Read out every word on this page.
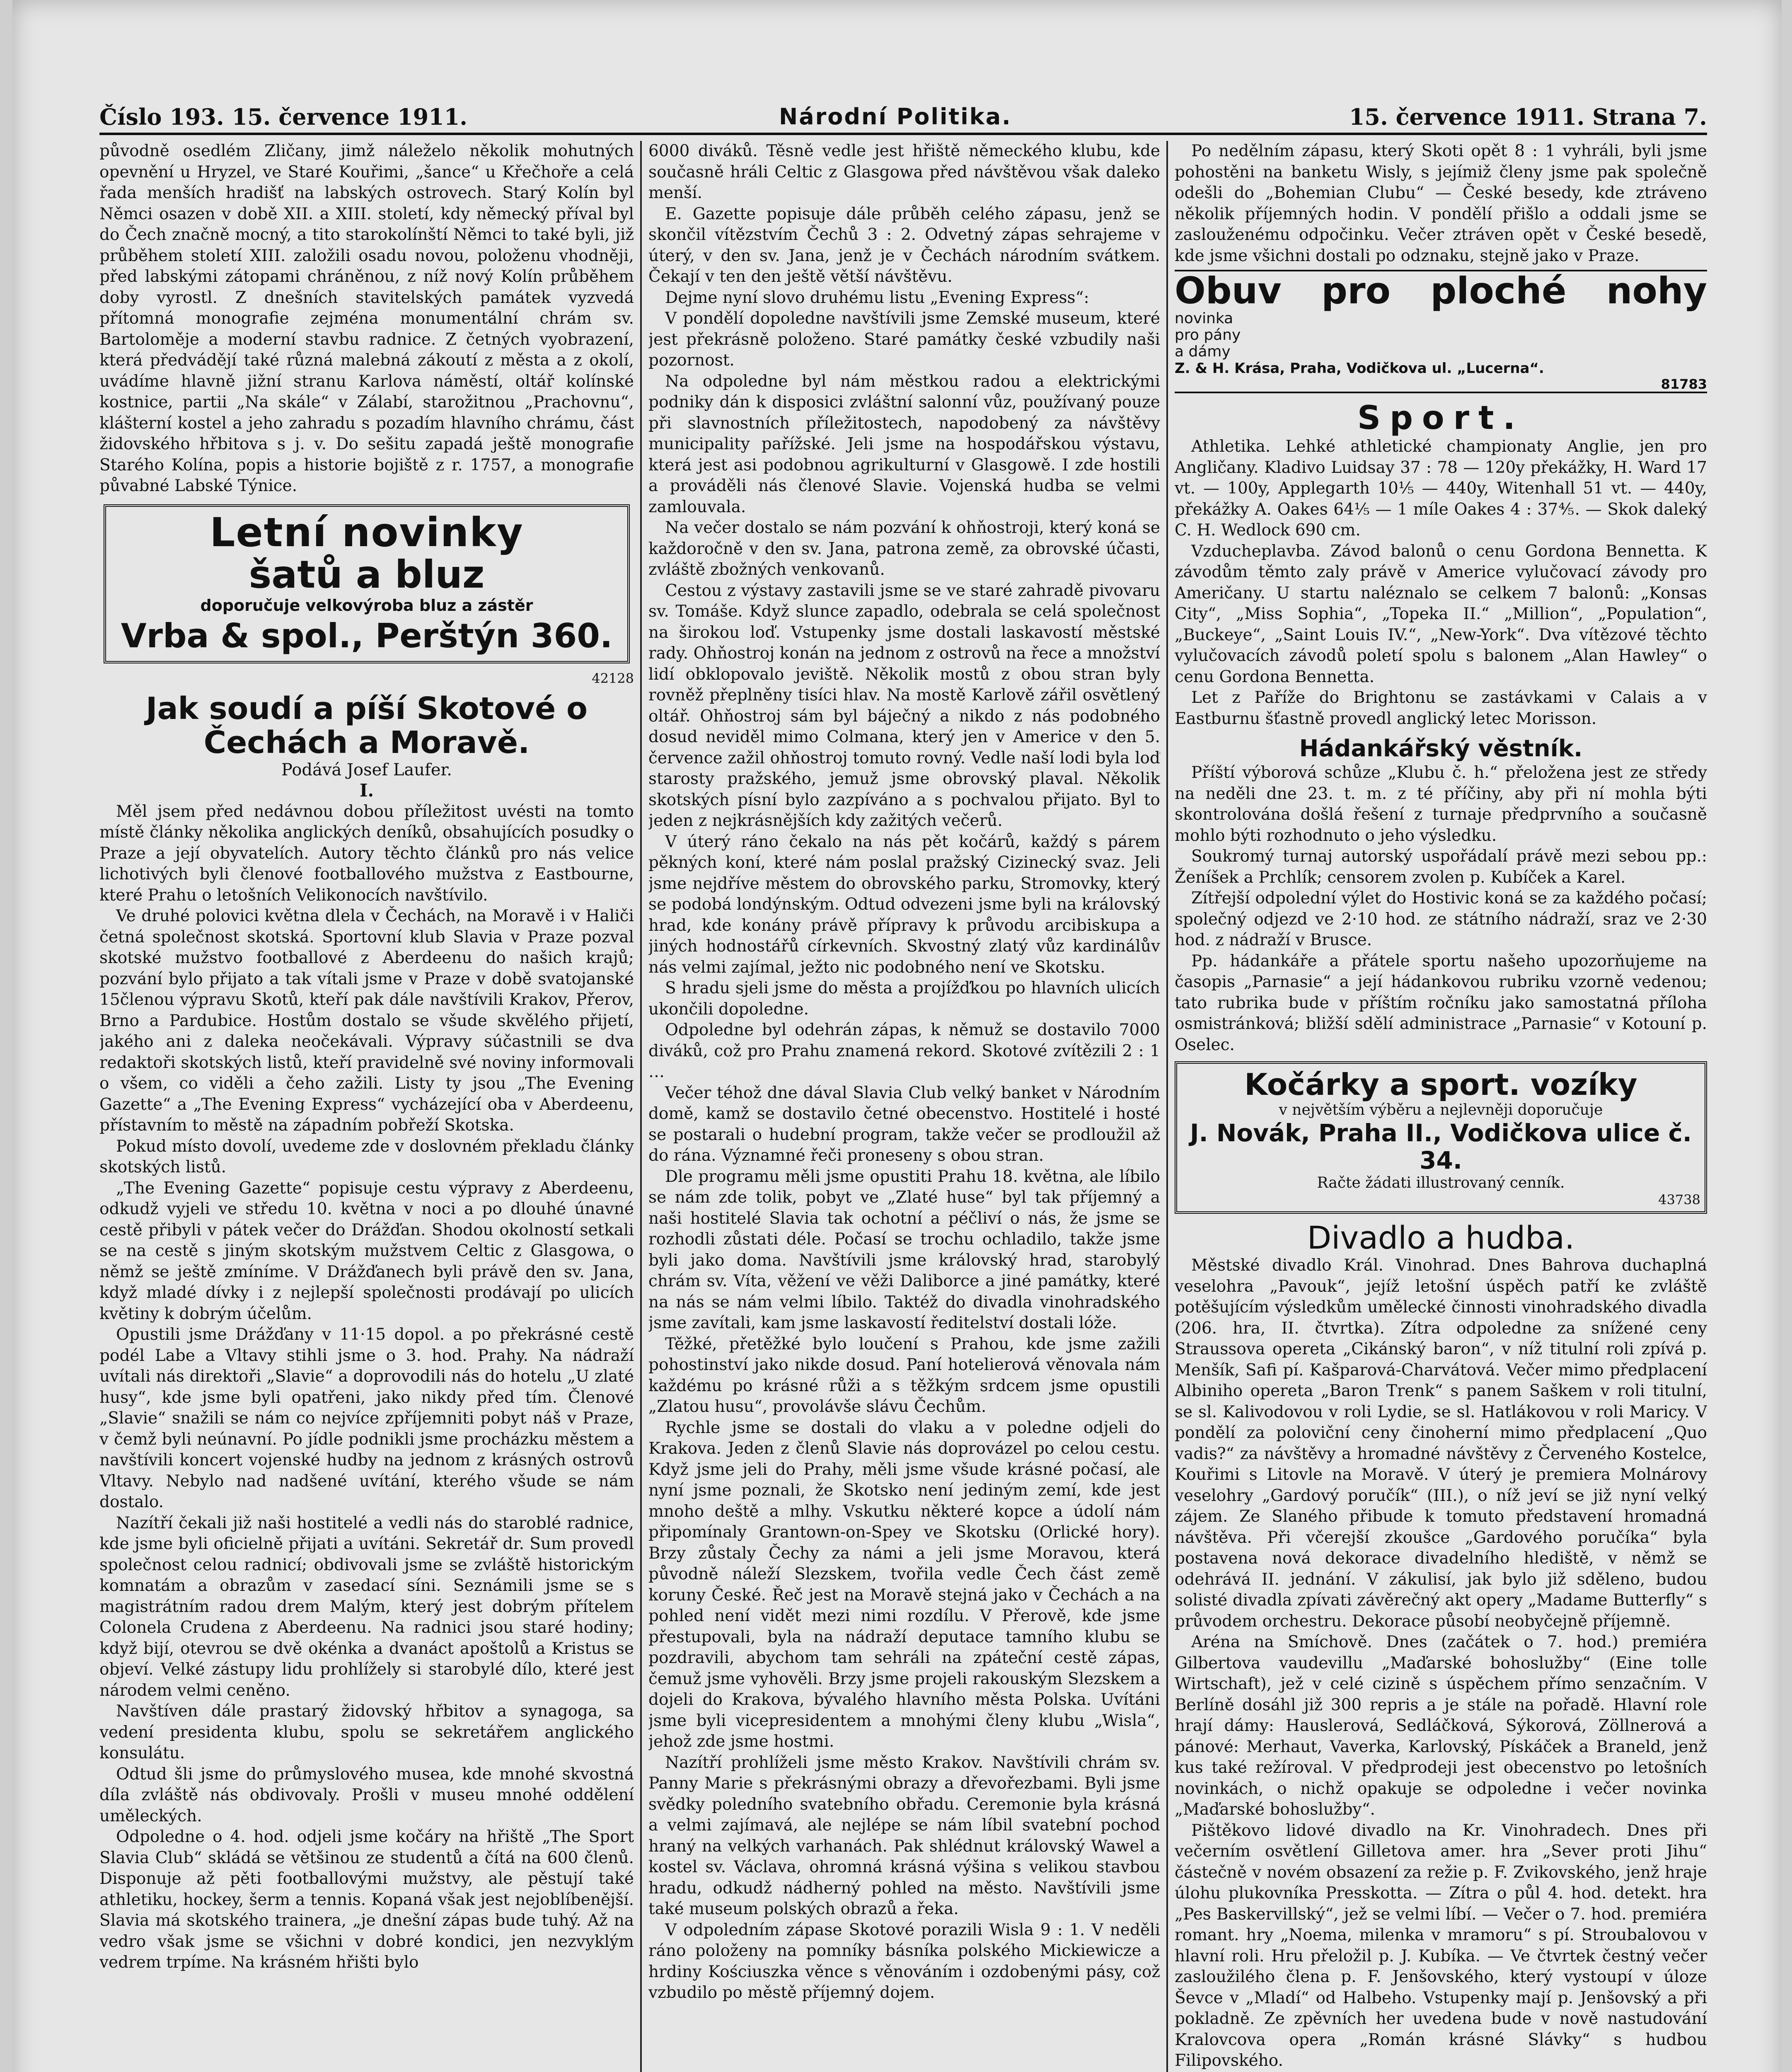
Číslo 193. 15. července 1911.	Národní Politika.	15. července 1911. Strana 7.

původně osedlém Zličany, jimž náleželo několik mohutných opevnění u Hryzel, ve Staré Kouřimi, „šance“ u Křečhoře a celá řada menších hradišť na labských ostrovech. Starý Kolín byl Němci osazen v době XII. a XIII. století, kdy německý příval byl do Čech značně mocný, a tito starokolínští Němci to také byli, již průběhem století XIII. založili osadu novou, položenu vhodněji, před labskými zátopami chráněnou, z níž nový Kolín průběhem doby vyrostl. Z dnešních stavitelských památek vyzvedá přítomná monografie zejména monumentální chrám sv. Bartoloměje a moderní stavbu radnice. Z četných vyobrazení, která předvádějí také různá malebná zákoutí z města a z okolí, uvádíme hlavně jižní stranu Karlova náměstí, oltář kolínské kostnice, partii „Na skále“ v Zálabí, starožitnou „Prachovnu“, klášterní kostel a jeho zahradu s pozadím hlavního chrámu, část židovského hřbitova s j. v. Do sešitu zapadá ještě monografie Starého Kolína, popis a historie bojiště z r. 1757, a monografie půvabné Labské Týnice.

Letní novinky
šatů a bluz
doporučuje velkovýroba bluz a zástěr
Vrba & spol., Perštýn 360.
42128
Jak soudí a píší Skotové o Čechách a Moravě.
Podává Josef Laufer.
I.

Měl jsem před nedávnou dobou příležitost uvésti na tomto místě články několika anglických deníků, obsahujících posudky o Praze a její obyvatelích. Autory těchto článků pro nás velice lichotivých byli členové footballového mužstva z Eastbourne, které Prahu o letošních Velikonocích navštívilo.

Ve druhé polovici května dlela v Čechách, na Moravě i v Haliči četná společnost skotská. Sportovní klub Slavia v Praze pozval skotské mužstvo footballové z Aberdeenu do našich krajů; pozvání bylo přijato a tak vítali jsme v Praze v době svatojanské 15členou výpravu Skotů, kteří pak dále navštívili Krakov, Přerov, Brno a Pardubice. Hostům dostalo se všude skvělého přijetí, jakého ani z daleka neočekávali. Výpravy súčastnili se dva redaktoři skotských listů, kteří pravidelně své noviny informovali o všem, co viděli a čeho zažili. Listy ty jsou „The Evening Gazette“ a „The Evening Express“ vycházející oba v Aberdeenu, přístavním to městě na západním pobřeží Skotska.

Pokud místo dovolí, uvedeme zde v doslovném překladu články skotských listů.

„The Evening Gazette“ popisuje cestu výpravy z Aberdeenu, odkudž vyjeli ve středu 10. května v noci a po dlouhé únavné cestě přibyli v pátek večer do Drážďan. Shodou okolností setkali se na cestě s jiným skotským mužstvem Celtic z Glasgowa, o němž se ještě zmíníme. V Drážďanech byli právě den sv. Jana, když mladé dívky i z nejlepší společnosti prodávají po ulicích květiny k dobrým účelům.

Opustili jsme Drážďany v 11·15 dopol. a po překrásné cestě podél Labe a Vltavy stihli jsme o 3. hod. Prahy. Na nádraží uvítali nás direktoři „Slavie“ a doprovodili nás do hotelu „U zlaté husy“, kde jsme byli opatřeni, jako nikdy před tím. Členové „Slavie“ snažili se nám co nejvíce zpříjemniti pobyt náš v Praze, v čemž byli neúnavní. Po jídle podnikli jsme procházku městem a navštívili koncert vojenské hudby na jednom z krásných ostrovů Vltavy. Nebylo nad nadšené uvítání, kterého všude se nám dostalo.

Nazítří čekali již naši hostitelé a vedli nás do staroblé radnice, kde jsme byli oficielně přijati a uvítáni. Sekretář dr. Sum provedl společnost celou radnicí; obdivovali jsme se zvláště historickým komnatám a obrazům v zasedací síni. Seznámili jsme se s magistrátním radou drem Malým, který jest dobrým přítelem Colonela Crudena z Aberdeenu. Na radnici jsou staré hodiny; když bijí, otevrou se dvě okénka a dvanáct apoštolů a Kristus se objeví. Velké zástupy lidu prohlížely si starobylé dílo, které jest národem velmi ceněno.

Navštíven dále prastarý židovský hřbitov a synagoga, sa vedení presidenta klubu, spolu se sekretářem anglického konsulátu.

Odtud šli jsme do průmyslového musea, kde mnohé skvostná díla zvláště nás obdivovaly. Prošli v museu mnohé oddělení uměleckých.

Odpoledne o 4. hod. odjeli jsme kočáry na hřiště „The Sport Slavia Club“ skládá se většinou ze studentů a čítá na 600 členů. Disponuje až pěti footballovými mužstvy, ale pěstují také athletiku, hockey, šerm a tennis. Kopaná však jest nejoblíbenější. Slavia má skotského trainera, „je dnešní zápas bude tuhý. Až na vedro však jsme se všichni v dobré kondici, jen nezvyklým vedrem trpíme. Na krásném hřišti bylo

6000 diváků. Těsně vedle jest hřiště německého klubu, kde současně hráli Celtic z Glasgowa před návštěvou však daleko menší.

E. Gazette popisuje dále průběh celého zápasu, jenž se skončil vítězstvím Čechů 3 : 2. Odvetný zápas sehrajeme v úterý, v den sv. Jana, jenž je v Čechách národním svátkem. Čekají v ten den ještě větší návštěvu.

Dejme nyní slovo druhému listu „Evening Express“:

V pondělí dopoledne navštívili jsme Zemské museum, které jest překrásně položeno. Staré památky české vzbudily naši pozornost.

Na odpoledne byl nám městkou radou a elektrickými podniky dán k disposici zvláštní salonní vůz, používaný pouze při slavnostních příležitostech, napodobený za návštěvy municipality pařížské. Jeli jsme na hospodářskou výstavu, která jest asi podobnou agrikulturní v Glasgowě. I zde hostili a prováděli nás členové Slavie. Vojenská hudba se velmi zamlouvala.

Na večer dostalo se nám pozvání k ohňostroji, který koná se každoročně v den sv. Jana, patrona země, za obrovské účasti, zvláště zbožných venkovanů.

Cestou z výstavy zastavili jsme se ve staré zahradě pivovaru sv. Tomáše. Když slunce zapadlo, odebrala se celá společnost na širokou loď. Vstupenky jsme dostali laskavostí městské rady. Ohňostroj konán na jednom z ostrovů na řece a množství lidí obklopovalo jeviště. Několik mostů z obou stran byly rovněž přeplněny tisíci hlav. Na mostě Karlově zářil osvětlený oltář. Ohňostroj sám byl báječný a nikdo z nás podobného dosud neviděl mimo Colmana, který jen v Americe v den 5. července zažil ohňostroj tomuto rovný. Vedle naší lodi byla loď starosty pražského, jemuž jsme obrovský plaval. Několik skotských písní bylo zazpíváno a s pochvalou přijato. Byl to jeden z nejkrásnějších kdy zažitých večerů.

V úterý ráno čekalo na nás pět kočárů, každý s párem pěkných koní, které nám poslal pražský Cizinecký svaz. Jeli jsme nejdříve městem do obrovského parku, Stromovky, který se podobá londýnským. Odtud odvezeni jsme byli na královský hrad, kde konány právě přípravy k průvodu arcibiskupa a jiných hodnostářů církevních. Skvostný zlatý vůz kardinálův nás velmi zajímal, ježto nic podobného není ve Skotsku.

S hradu sjeli jsme do města a projížďkou po hlavních ulicích ukončili dopoledne.

Odpoledne byl odehrán zápas, k němuž se dostavilo 7000 diváků, což pro Prahu znamená rekord. Skotové zvítězili 2 : 1 …

Večer téhož dne dával Slavia Club velký banket v Národním domě, kamž se dostavilo četné obecenstvo. Hostitelé i hosté se postarali o hudební program, takže večer se prodloužil až do rána. Významné řeči proneseny s obou stran.

Dle programu měli jsme opustiti Prahu 18. května, ale líbilo se nám zde tolik, pobyt ve „Zlaté huse“ byl tak příjemný a naši hostitelé Slavia tak ochotní a péčliví o nás, že jsme se rozhodli zůstati déle. Počasí se trochu ochladilo, takže jsme byli jako doma. Navštívili jsme královský hrad, starobylý chrám sv. Víta, věžení ve věži Daliborce a jiné památky, které na nás se nám velmi líbilo. Taktéž do divadla vinohradského jsme zavítali, kam jsme laskavostí ředitelství dostali lóže.

Těžké, přetěžké bylo loučení s Prahou, kde jsme zažili pohostinství jako nikde dosud. Paní hotelierová věnovala nám každému po krásné růži a s těžkým srdcem jsme opustili „Zlatou husu“, provolávše slávu Čechům.

Rychle jsme se dostali do vlaku a v poledne odjeli do Krakova. Jeden z členů Slavie nás doprovázel po celou cestu. Když jsme jeli do Prahy, měli jsme všude krásné počasí, ale nyní jsme poznali, že Skotsko není jediným zemí, kde jest mnoho deště a mlhy. Vskutku některé kopce a údolí nám připomínaly Grantown-on-Spey ve Skotsku (Orlické hory). Brzy zůstaly Čechy za námi a jeli jsme Moravou, která původně náleží Slezskem, tvořila vedle Čech část země koruny České. Řeč jest na Moravě stejná jako v Čechách a na pohled není vidět mezi nimi rozdílu. V Přerově, kde jsme přestupovali, byla na nádraží deputace tamního klubu se pozdravili, abychom tam sehráli na zpáteční cestě zápas, čemuž jsme vyhověli. Brzy jsme projeli rakouským Slezskem a dojeli do Krakova, bývalého hlavního města Polska. Uvítáni jsme byli vicepresidentem a mnohými členy klubu „Wisla“, jehož zde jsme hostmi.

Nazítří prohlíželi jsme město Krakov. Navštívili chrám sv. Panny Marie s překrásnými obrazy a dřevořezbami. Byli jsme svědky poledního svatebního obřadu. Ceremonie byla krásná a velmi zajímavá, ale nejlépe se nám líbil svatební pochod hraný na velkých varhanách. Pak shlédnut královský Wawel a kostel sv. Václava, ohromná krásná výšina s velikou stavbou hradu, odkudž nádherný pohled na město. Navštívili jsme také museum polských obrazů a řeka.

V odpoledním zápase Skotové porazili Wisla 9 : 1. V neděli ráno položeny na pomníky básníka polského Mickiewicze a hrdiny Kościuszka věnce s věnováním i ozdobenými pásy, což vzbudilo po městě příjemný dojem.

Po nedělním zápasu, který Skoti opět 8 : 1 vyhráli, byli jsme pohostěni na banketu Wisly, s jejímiž členy jsme pak společně odešli do „Bohemian Clubu“ — České besedy, kde ztráveno několik příjemných hodin. V pondělí přišlo a oddali jsme se zaslouženému odpočinku. Večer ztráven opět v České besedě, kde jsme všichni dostali po odznaku, stejně jako v Praze.

Obuv pro ploché nohy novinka pro pány a dámy
Z. & H. Krása, Praha, Vodičkova ul. „Lucerna“.
81783
Sport.

Athletika. Lehké athletické championaty Anglie, jen pro Angličany. Kladivo Luidsay 37 : 78 — 120y překážky, H. Ward 17 vt. — 100y, Applegarth 10⅕ — 440y, Witenhall 51 vt. — 440y, překážky A. Oakes 64⅕ — 1 míle Oakes 4 : 37⅘. — Skok daleký C. H. Wedlock 690 cm.

Vzducheplavba. Závod balonů o cenu Gordona Bennetta. K závodům těmto zaly právě v Americe vylučovací závody pro Američany. U startu naléznalo se celkem 7 balonů: „Konsas City“, „Miss Sophia“, „Topeka II.“ „Million“, „Population“, „Buckeye“, „Saint Louis IV.“, „New-York“. Dva vítězové těchto vylučovacích závodů poletí spolu s balonem „Alan Hawley“ o cenu Gordona Bennetta.

Let z Paříže do Brightonu se zastávkami v Calais a v Eastburnu šťastně provedl anglický letec Morisson.

Hádankářský věstník.

Příští výborová schůze „Klubu č. h.“ přeložena jest ze středy na neděli dne 23. t. m. z té příčiny, aby při ní mohla býti skontrolována došlá řešení z turnaje předprvního a současně mohlo býti rozhodnuto o jeho výsledku.

Soukromý turnaj autorský uspořádalí právě mezi sebou pp.: Ženíšek a Prchlík; censorem zvolen p. Kubíček a Karel.

Zítřejší odpolední výlet do Hostivic koná se za každého počasí; společný odjezd ve 2·10 hod. ze státního nádraží, sraz ve 2·30 hod. z nádraží v Brusce.

Pp. hádankáře a přátele sportu našeho upozorňujeme na časopis „Parnasie“ a její hádankovou rubriku vzorně vedenou; tato rubrika bude v příštím ročníku jako samostatná příloha osmistránková; bližší sdělí administrace „Parnasie“ v Kotouní p. Oselec.

Kočárky a sport. vozíky
v největším výběru a nejlevněji doporučuje
J. Novák, Praha II., Vodičkova ulice č. 34.
Račte žádati illustrovaný cenník.
43738
Divadlo a hudba.

Městské divadlo Král. Vinohrad. Dnes Bahrova duchaplná veselohra „Pavouk“, jejíž letošní úspěch patří ke zvláště potěšujícím výsledkům umělecké činnosti vinohradského divadla (206. hra, II. čtvrtka). Zítra odpoledne za snížené ceny Straussova opereta „Cikánský baron“, v níž titulní roli zpívá p. Menšík, Safi pí. Kašparová-Charvátová. Večer mimo předplacení Albiniho opereta „Baron Trenk“ s panem Saškem v roli titulní, se sl. Kalivodovou v roli Lydie, se sl. Hatlákovou v roli Maricy. V pondělí za poloviční ceny činoherní mimo předplacení „Quo vadis?“ za návštěvy a hromadné návštěvy z Červeného Kostelce, Kouřimi s Litovle na Moravě. V úterý je premiera Molnárovy veselohry „Gardový poručík“ (III.), o níž jeví se již nyní velký zájem. Ze Slaného přibude k tomuto představení hromadná návštěva. Při včerejší zkoušce „Gardového poručíka“ byla postavena nová dekorace divadelního hlediště, v němž se odehrává II. jednání. V zákulisí, jak bylo již sděleno, budou solisté divadla zpívati závěrečný akt opery „Madame Butterfly“ s průvodem orchestru. Dekorace působí neobyčejně příjemně.

Aréna na Smíchově. Dnes (začátek o 7. hod.) premiéra Gilbertova vaudevillu „Maďarské bohoslužby“ (Eine tolle Wirtschaft), jež v celé cizině s úspěchem přímo senzačním. V Berlíně dosáhl již 300 repris a je stále na pořadě. Hlavní role hrají dámy: Hauslerová, Sedláčková, Sýkorová, Zöllnerová a pánové: Merhaut, Vaverka, Karlovský, Pískáček a Braneld, jenž kus také režíroval. V předprodeji jest obecenstvo po letošních novinkách, o nichž opakuje se odpoledne i večer novinka „Maďarské bohoslužby“.

Pištěkovo lidové divadlo na Kr. Vinohradech. Dnes při večerním osvětlení Gilletova amer. hra „Sever proti Jihu“ částečně v novém obsazení za režie p. F. Zvikovského, jenž hraje úlohu plukovníka Presskotta. — Zítra o půl 4. hod. detekt. hra „Pes Baskervillský“, jež se velmi líbí. — Večer o 7. hod. premiéra romant. hry „Noema, milenka v mramoru“ s pí. Stroubalovou v hlavní roli. Hru přeložil p. J. Kubíka. — Ve čtvrtek čestný večer zasloužilého člena p. F. Jenšovského, který vystoupí v úloze Ševce v „Mladí“ od Halbeho. Vstupenky mají p. Jenšovský a při pokladně. Ze zpěvních her uvedena bude v nově nastudování Kralovcova opera „Román krásné Slávky“ s hudbou Filipovského.
